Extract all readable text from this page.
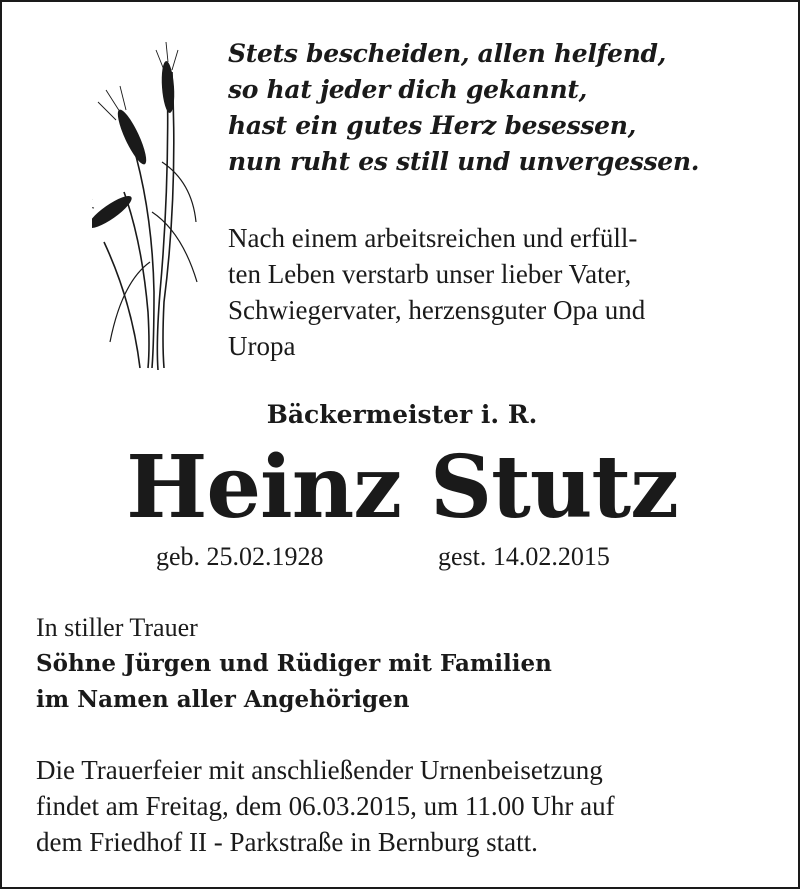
Stets bescheiden, allen helfend,
so hat jeder dich gekannt,
hast ein gutes Herz besessen,
nun ruht es still und unvergessen.
Nach einem arbeitsreichen und erfüll-
ten Leben verstarb unser lieber Vater,
Schwiegervater, herzensguter Opa und
Uropa
Bäckermeister i. R.
Heinz Stutz
geb. 25.02.1928	gest. 14.02.2015
In stiller Trauer
Söhne Jürgen und Rüdiger mit Familien
im Namen aller Angehörigen
Die Trauerfeier mit anschließender Urnenbeisetzung
findet am Freitag, dem 06.03.2015, um 11.00 Uhr auf
dem Friedhof II - Parkstraße in Bernburg statt.
